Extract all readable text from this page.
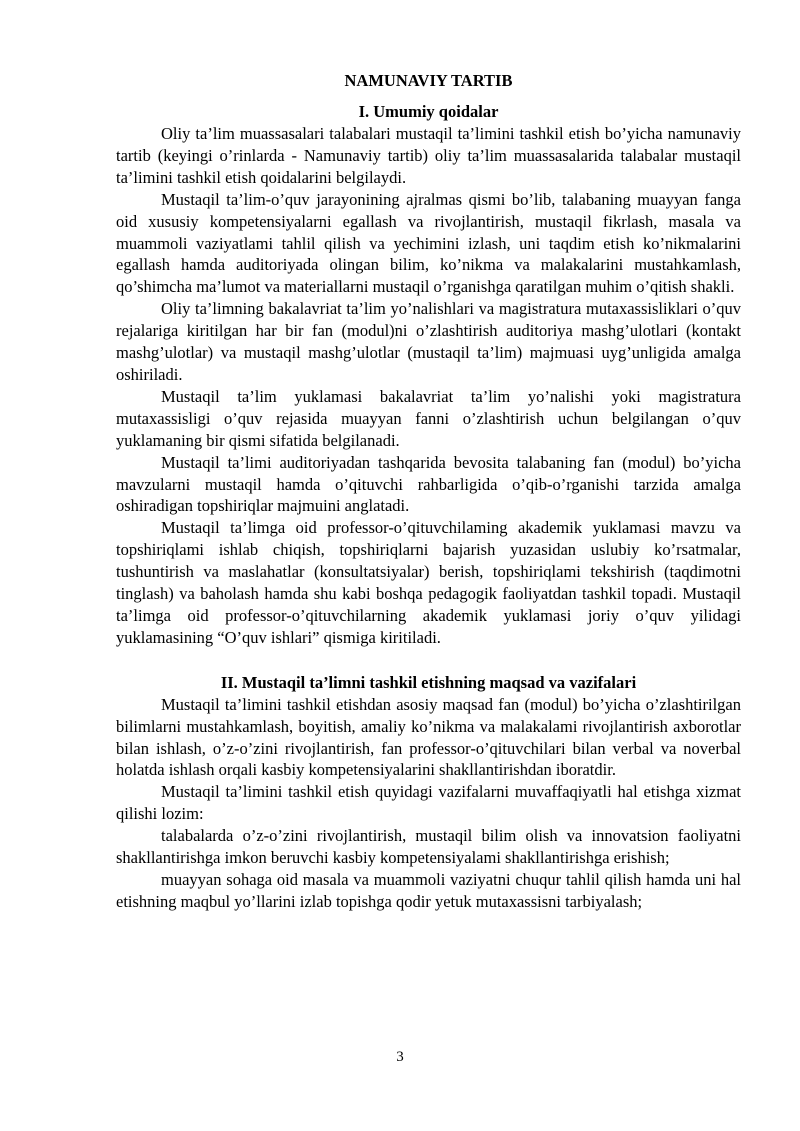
NAMUNAVIY TARTIB
I. Umumiy qoidalar

Oliy ta’lim muassasalari talabalari mustaqil ta’limini tashkil etish bo’yicha namunaviy tartib (keyingi o’rinlarda - Namunaviy tartib) oliy ta’lim muassasalarida talabalar mustaqil ta’limini tashkil etish qoidalarini belgilaydi.

Mustaqil ta’lim-o’quv jarayonining ajralmas qismi bo’lib, talabaning muayyan fanga oid xususiy kompetensiyalarni egallash va rivojlantirish, mustaqil fikrlash, masala va muammoli vaziyatlami tahlil qilish va yechimini izlash, uni taqdim etish ko’nikmalarini egallash hamda auditoriyada olingan bilim, ko’nikma va malakalarini mustahkamlash, qo’shimcha ma’lumot va materiallarni mustaqil o’rganishga qaratilgan muhim o’qitish shakli.

Oliy ta’limning bakalavriat ta’lim yo’nalishlari va magistratura mutaxassisliklari o’quv rejalariga kiritilgan har bir fan (modul)ni o’zlashtirish auditoriya mashg’ulotlari (kontakt mashg’ulotlar) va mustaqil mashg’ulotlar (mustaqil ta’lim) majmuasi uyg’unligida amalga oshiriladi.

Mustaqil ta’lim yuklamasi bakalavriat ta’lim yo’nalishi yoki magistratura mutaxassisligi o’quv rejasida muayyan fanni o’zlashtirish uchun belgilangan o’quv yuklamaning bir qismi sifatida belgilanadi.

Mustaqil ta’limi auditoriyadan tashqarida bevosita talabaning fan (modul) bo’yicha mavzularni mustaqil hamda o’qituvchi rahbarligida o’qib-o’rganishi tarzida amalga oshiradigan topshiriqlar majmuini anglatadi.

Mustaqil ta’limga oid professor-o’qituvchilaming akademik yuklamasi mavzu va topshiriqlami ishlab chiqish, topshiriqlarni bajarish yuzasidan uslubiy ko’rsatmalar, tushuntirish va maslahatlar (konsultatsiyalar) berish, topshiriqlami tekshirish (taqdimotni tinglash) va baholash hamda shu kabi boshqa pedagogik faoliyatdan tashkil topadi. Mustaqil ta’limga oid professor-o’qituvchilarning akademik yuklamasi joriy o’quv yilidagi yuklamasining “O’quv ishlari” qismiga kiritiladi.

II. Mustaqil ta’limni tashkil etishning maqsad va vazifalari

Mustaqil ta’limini tashkil etishdan asosiy maqsad fan (modul) bo’yicha o’zlashtirilgan bilimlarni mustahkamlash, boyitish, amaliy ko’nikma va malakalami rivojlantirish axborotlar bilan ishlash, o’z-o’zini rivojlantirish, fan professor-o’qituvchilari bilan verbal va noverbal holatda ishlash orqali kasbiy kompetensiyalarini shakllantirishdan iboratdir.

Mustaqil ta’limini tashkil etish quyidagi vazifalarni muvaffaqiyatli hal etishga xizmat qilishi lozim:

talabalarda o’z-o’zini rivojlantirish, mustaqil bilim olish va innovatsion faoliyatni shakllantirishga imkon beruvchi kasbiy kompetensiyalami shakllantirishga erishish;

muayyan sohaga oid masala va muammoli vaziyatni chuqur tahlil qilish hamda uni hal etishning maqbul yo’llarini izlab topishga qodir yetuk mutaxassisni tarbiyalash;

3
